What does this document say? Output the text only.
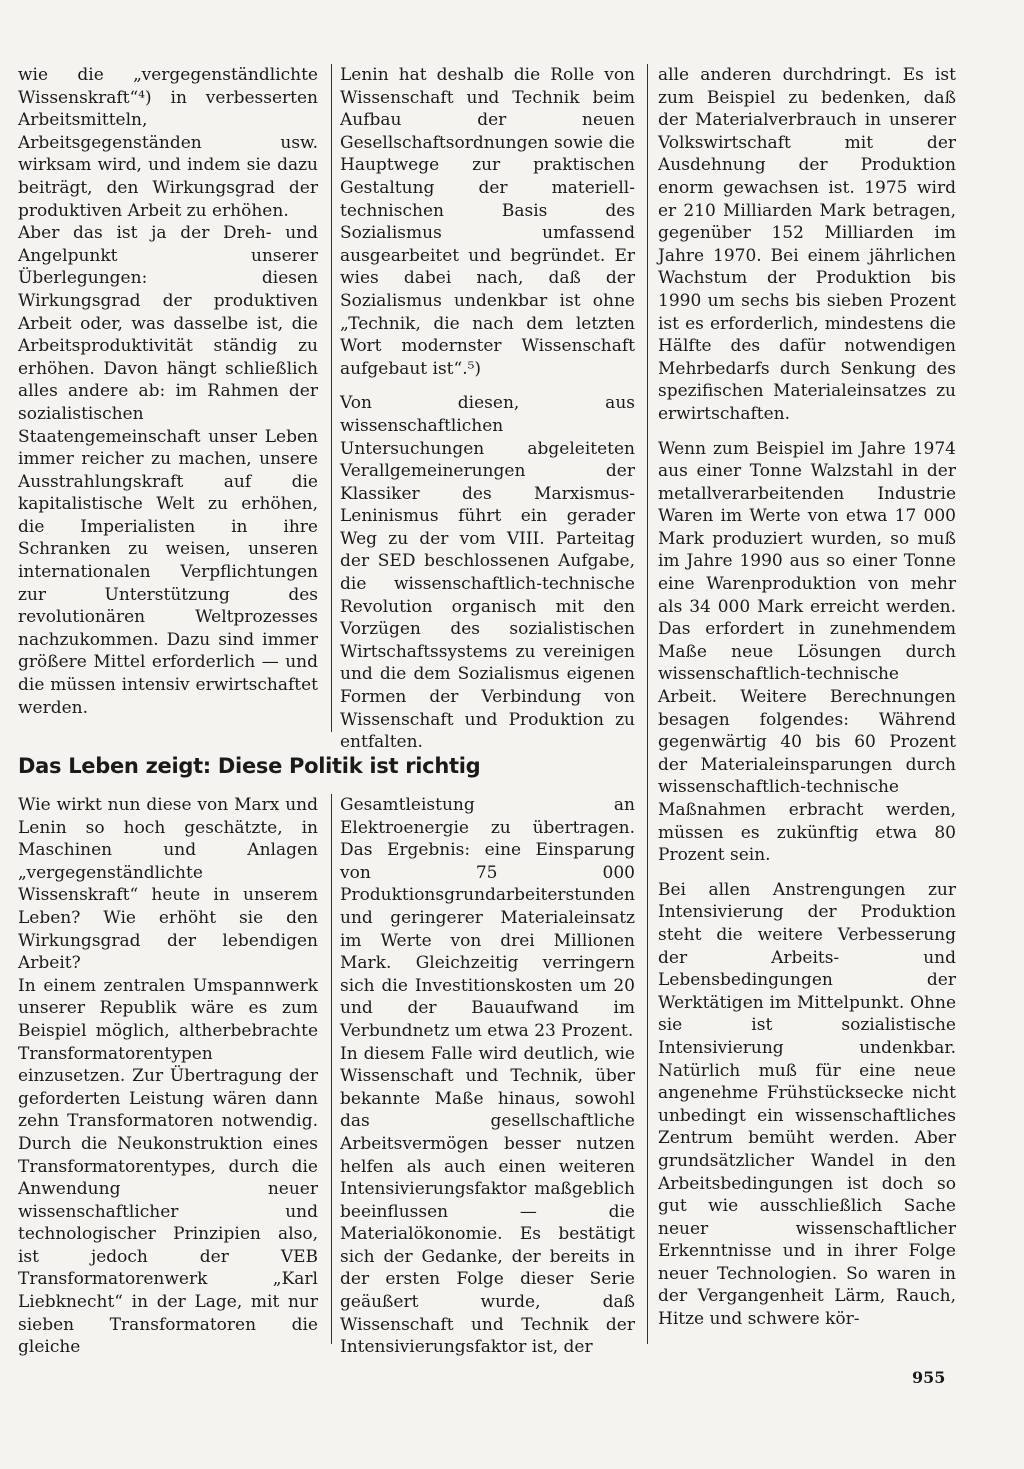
wie die „vergegenständlichte Wissenskraft“⁴) in verbesserten Arbeitsmitteln, Arbeitsgegenständen usw. wirksam wird, und indem sie dazu beiträgt, den Wirkungsgrad der produktiven Arbeit zu erhöhen.

Aber das ist ja der Dreh- und Angelpunkt unserer Überlegungen: diesen Wirkungsgrad der produktiven Arbeit oder, was dasselbe ist, die Arbeitsproduktivität ständig zu erhöhen. Davon hängt schließlich alles andere ab: im Rahmen der sozialistischen Staatengemeinschaft unser Leben immer reicher zu machen, unsere Ausstrahlungskraft auf die kapitalistische Welt zu erhöhen, die Imperialisten in ihre Schranken zu weisen, unseren internationalen Verpflichtungen zur Unterstützung des revolutionären Weltprozesses nachzukommen. Dazu sind immer größere Mittel erforderlich — und die müssen intensiv erwirtschaftet werden.

Lenin hat deshalb die Rolle von Wissenschaft und Technik beim Aufbau der neuen Gesellschaftsordnungen sowie die Hauptwege zur praktischen Gestaltung der materiell-technischen Basis des Sozialismus umfassend ausgearbeitet und begründet. Er wies dabei nach, daß der Sozialismus undenkbar ist ohne „Technik, die nach dem letzten Wort modernster Wissenschaft aufgebaut ist“.⁵)

Von diesen, aus wissenschaftlichen Untersuchungen abgeleiteten Verallgemeinerungen der Klassiker des Marxismus-Leninismus führt ein gerader Weg zu der vom VIII. Parteitag der SED beschlossenen Aufgabe, die wissenschaftlich-technische Revolution organisch mit den Vorzügen des sozialistischen Wirtschaftssystems zu vereinigen und die dem Sozialismus eigenen Formen der Verbindung von Wissenschaft und Produktion zu entfalten.

alle anderen durchdringt. Es ist zum Beispiel zu bedenken, daß der Materialverbrauch in unserer Volkswirtschaft mit der Ausdehnung der Produktion enorm gewachsen ist. 1975 wird er 210 Milliarden Mark betragen, gegenüber 152 Milliarden im Jahre 1970. Bei einem jährlichen Wachstum der Produktion bis 1990 um sechs bis sieben Prozent ist es erforderlich, mindestens die Hälfte des dafür notwendigen Mehrbedarfs durch Senkung des spezifischen Materialeinsatzes zu erwirtschaften.

Wenn zum Beispiel im Jahre 1974 aus einer Tonne Walzstahl in der metallverarbeitenden Industrie Waren im Werte von etwa 17 000 Mark produziert wurden, so muß im Jahre 1990 aus so einer Tonne eine Warenproduktion von mehr als 34 000 Mark erreicht werden. Das erfordert in zunehmendem Maße neue Lösungen durch wissenschaftlich-technische Arbeit. Weitere Berechnungen besagen folgendes: Während gegenwärtig 40 bis 60 Prozent der Materialeinsparungen durch wissenschaftlich-technische Maßnahmen erbracht werden, müssen es zukünftig etwa 80 Prozent sein.

Bei allen Anstrengungen zur Intensivierung der Produktion steht die weitere Verbesserung der Arbeits- und Lebensbedingungen der Werktätigen im Mittelpunkt. Ohne sie ist sozialistische Intensivierung undenkbar. Natürlich muß für eine neue angenehme Frühstücksecke nicht unbedingt ein wissenschaftliches Zentrum bemüht werden. Aber grundsätzlicher Wandel in den Arbeitsbedingungen ist doch so gut wie ausschließlich Sache neuer wissenschaftlicher Erkenntnisse und in ihrer Folge neuer Technologien. So waren in der Vergangenheit Lärm, Rauch, Hitze und schwere kör-

Das Leben zeigt: Diese Politik ist richtig

Wie wirkt nun diese von Marx und Lenin so hoch geschätzte, in Maschinen und Anlagen „vergegenständlichte Wissenskraft“ heute in unserem Leben? Wie erhöht sie den Wirkungsgrad der lebendigen Arbeit?

In einem zentralen Umspannwerk unserer Republik wäre es zum Beispiel möglich, altherbebrachte Transformatorentypen einzusetzen. Zur Übertragung der geforderten Leistung wären dann zehn Transformatoren notwendig. Durch die Neukonstruktion eines Transformatorentypes, durch die Anwendung neuer wissenschaftlicher und technologischer Prinzipien also, ist jedoch der VEB Transformatorenwerk „Karl Liebknecht“ in der Lage, mit nur sieben Transformatoren die gleiche

Gesamtleistung an Elektroenergie zu übertragen. Das Ergebnis: eine Einsparung von 75 000 Produktionsgrundarbeiterstunden und geringerer Materialeinsatz im Werte von drei Millionen Mark. Gleichzeitig verringern sich die Investitionskosten um 20 und der Bauaufwand im Verbundnetz um etwa 23 Prozent.

In diesem Falle wird deutlich, wie Wissenschaft und Technik, über bekannte Maße hinaus, sowohl das gesellschaftliche Arbeitsvermögen besser nutzen helfen als auch einen weiteren Intensivierungsfaktor maßgeblich beeinflussen — die Materialökonomie. Es bestätigt sich der Gedanke, der bereits in der ersten Folge dieser Serie geäußert wurde, daß Wissenschaft und Technik der Intensivierungsfaktor ist, der

955
